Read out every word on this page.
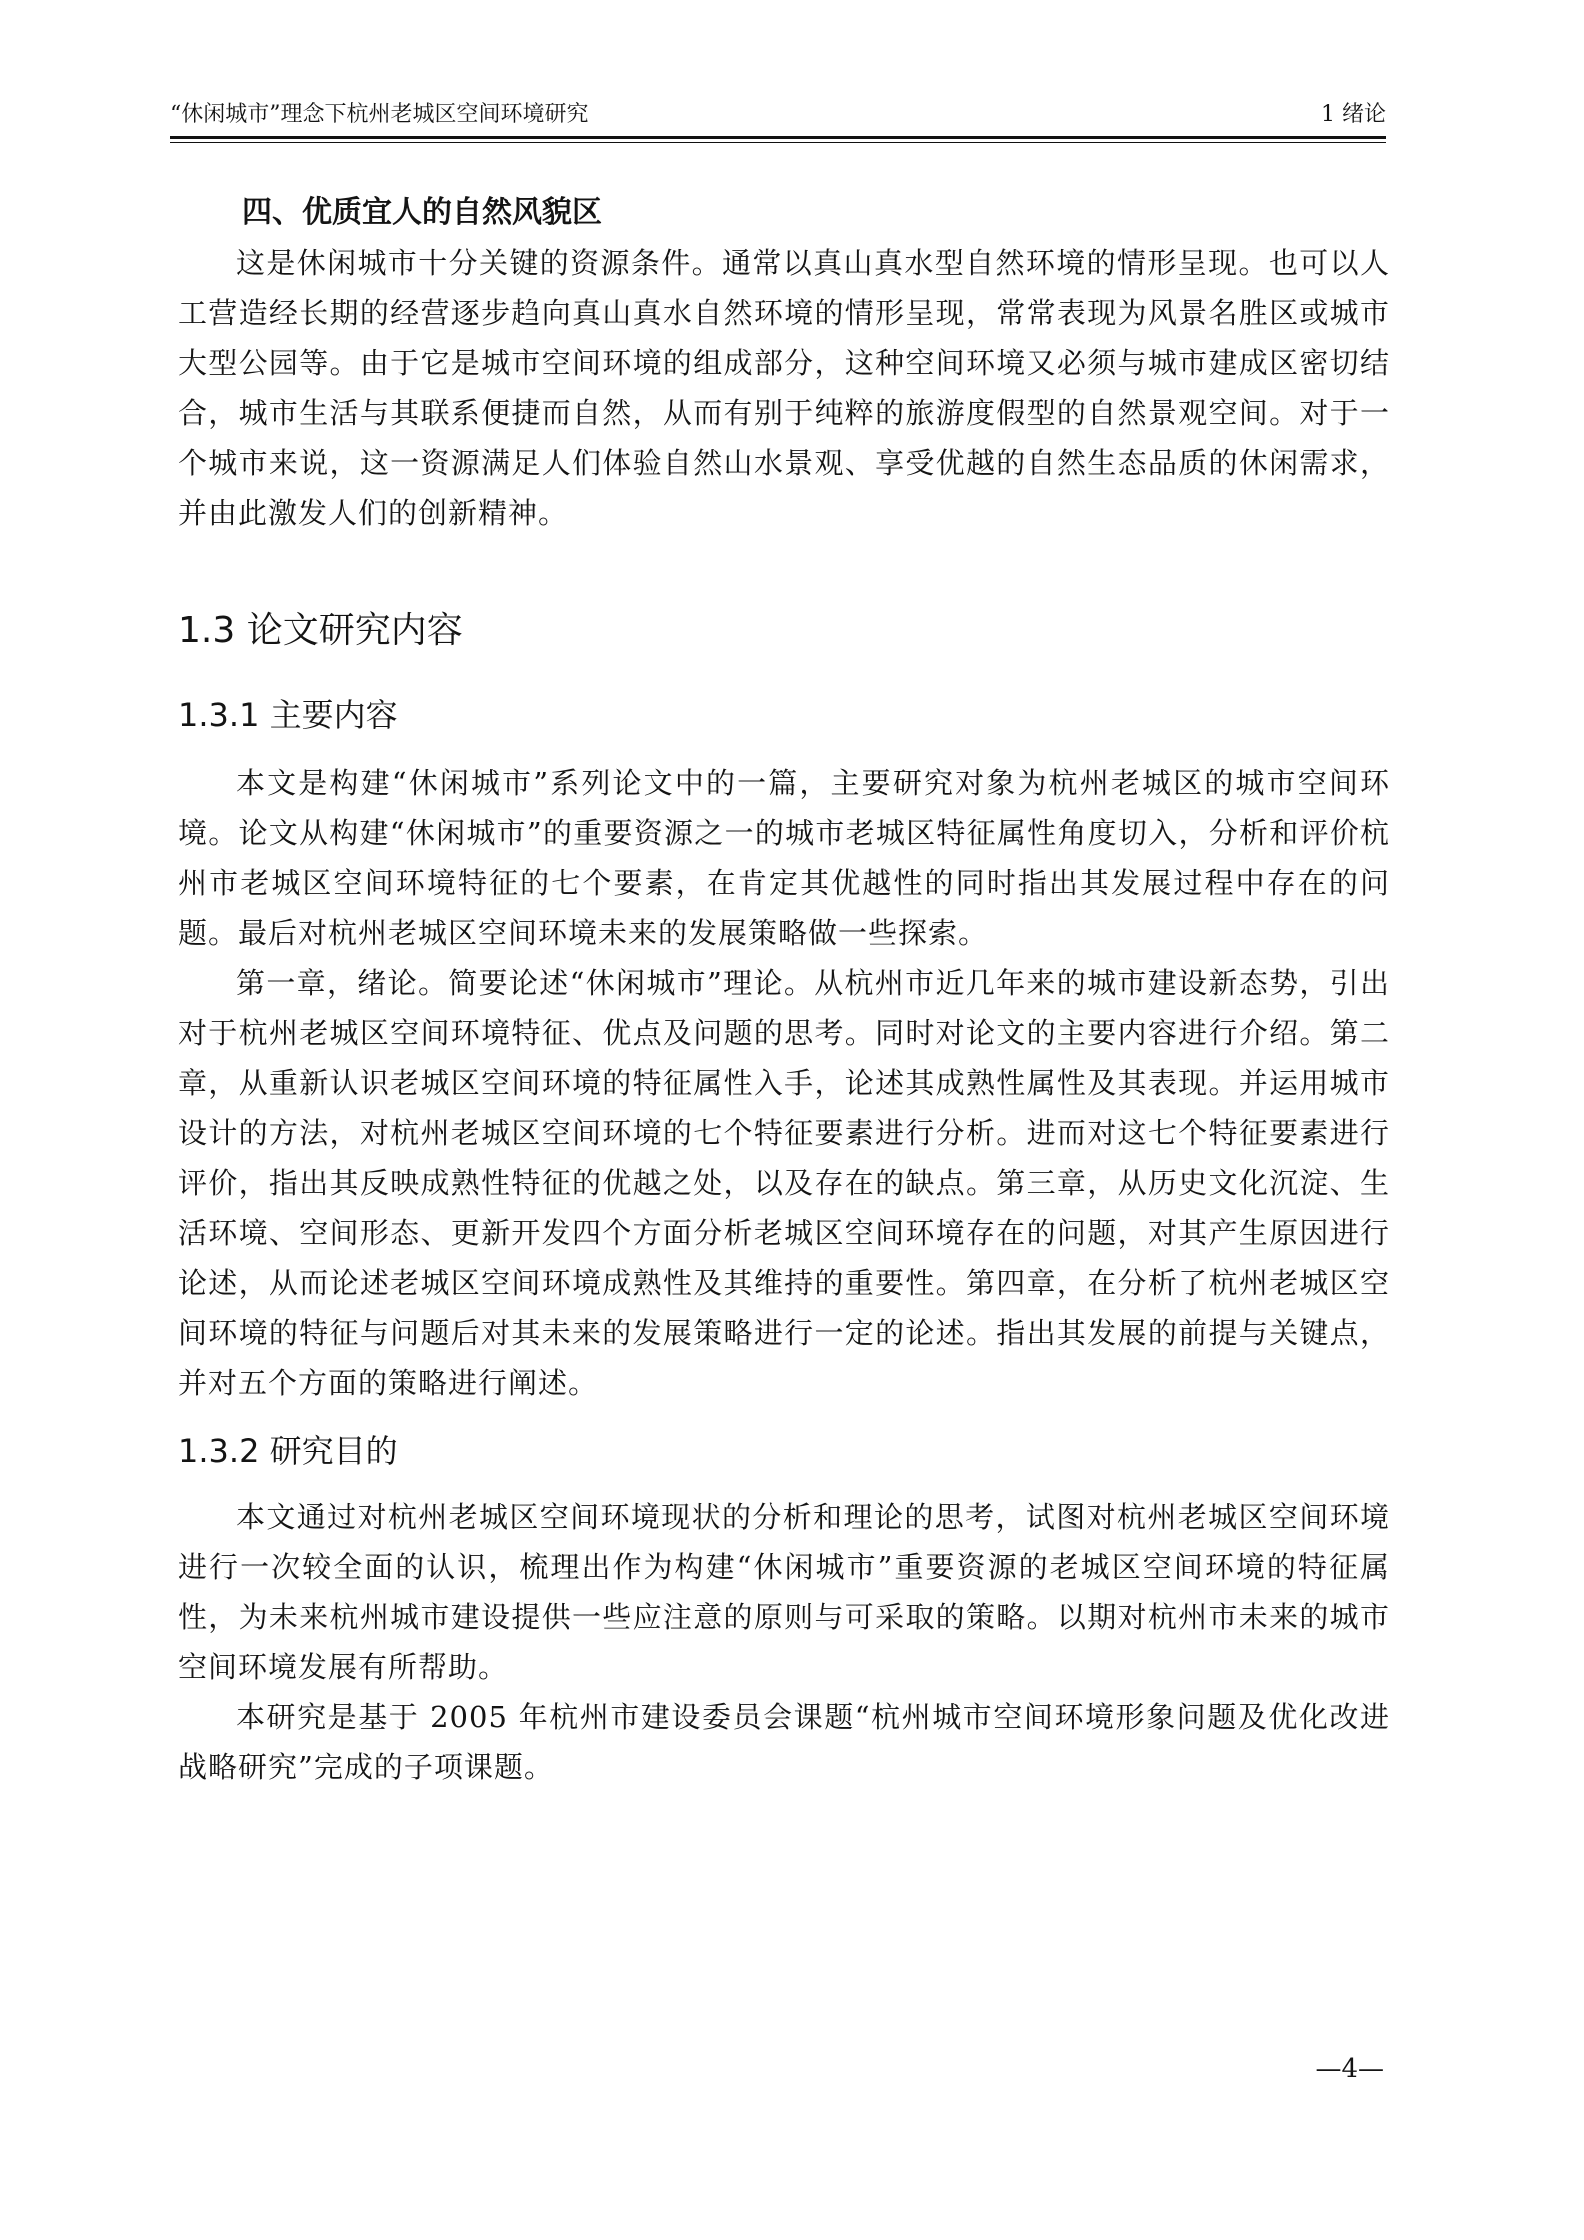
“休闲城市”理念下杭州老城区空间环境研究	1 绪论

四、优质宜人的自然风貌区

这是休闲城市十分关键的资源条件。通常以真山真水型自然环境的情形呈现。也可以人工营造经长期的经营逐步趋向真山真水自然环境的情形呈现，常常表现为风景名胜区或城市大型公园等。由于它是城市空间环境的组成部分，这种空间环境又必须与城市建成区密切结合，城市生活与其联系便捷而自然，从而有别于纯粹的旅游度假型的自然景观空间。对于一个城市来说，这一资源满足人们体验自然山水景观、享受优越的自然生态品质的休闲需求，并由此激发人们的创新精神。

1.3 论文研究内容
1.3.1 主要内容

本文是构建“休闲城市”系列论文中的一篇，主要研究对象为杭州老城区的城市空间环境。论文从构建“休闲城市”的重要资源之一的城市老城区特征属性角度切入，分析和评价杭州市老城区空间环境特征的七个要素，在肯定其优越性的同时指出其发展过程中存在的问题。最后对杭州老城区空间环境未来的发展策略做一些探索。

第一章，绪论。简要论述“休闲城市”理论。从杭州市近几年来的城市建设新态势，引出对于杭州老城区空间环境特征、优点及问题的思考。同时对论文的主要内容进行介绍。第二章，从重新认识老城区空间环境的特征属性入手，论述其成熟性属性及其表现。并运用城市设计的方法，对杭州老城区空间环境的七个特征要素进行分析。进而对这七个特征要素进行评价，指出其反映成熟性特征的优越之处，以及存在的缺点。第三章，从历史文化沉淀、生活环境、空间形态、更新开发四个方面分析老城区空间环境存在的问题，对其产生原因进行论述，从而论述老城区空间环境成熟性及其维持的重要性。第四章，在分析了杭州老城区空间环境的特征与问题后对其未来的发展策略进行一定的论述。指出其发展的前提与关键点，并对五个方面的策略进行阐述。

1.3.2 研究目的

本文通过对杭州老城区空间环境现状的分析和理论的思考，试图对杭州老城区空间环境进行一次较全面的认识，梳理出作为构建“休闲城市”重要资源的老城区空间环境的特征属性，为未来杭州城市建设提供一些应注意的原则与可采取的策略。以期对杭州市未来的城市空间环境发展有所帮助。

本研究是基于 2005 年杭州市建设委员会课题“杭州城市空间环境形象问题及优化改进战略研究”完成的子项课题。

—4—
